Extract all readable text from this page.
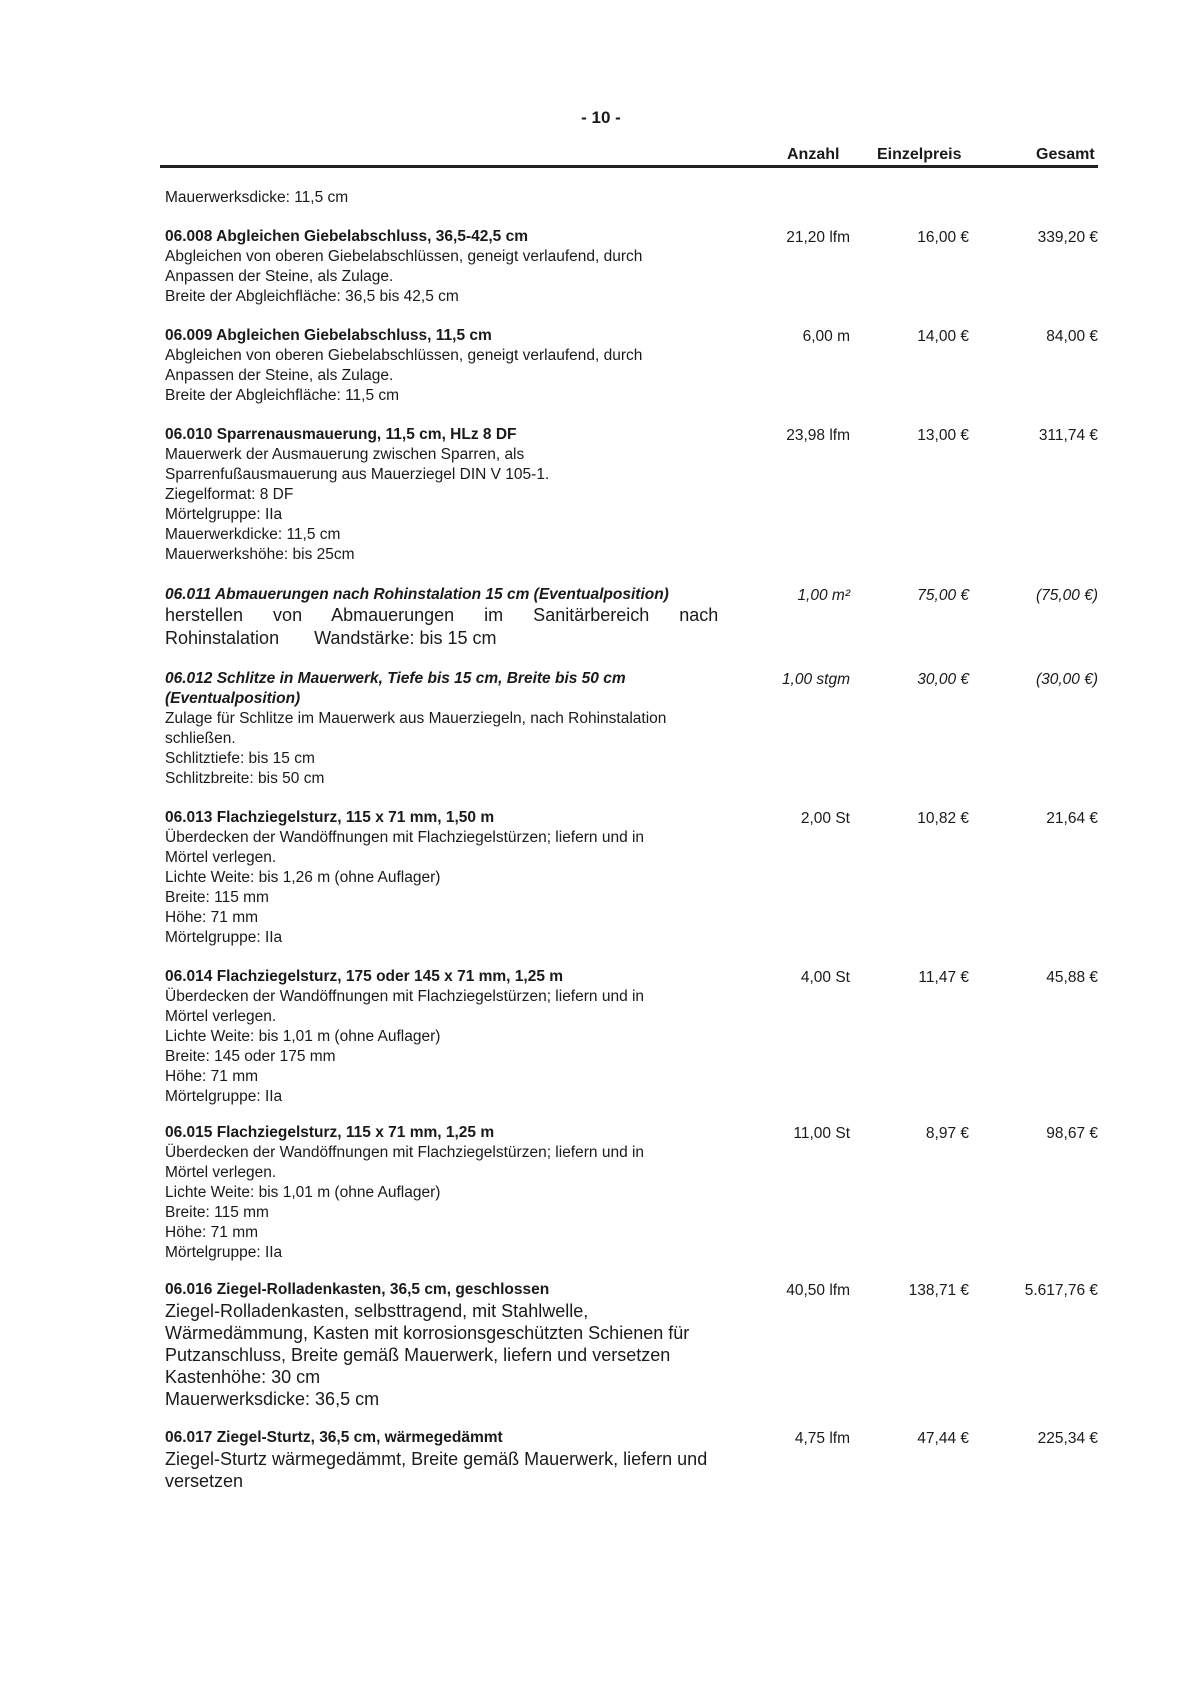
- 10 -
Anzahl Einzelpreis	Gesamt
Mauerwerksdicke: 11,5 cm
06.008 Abgleichen Giebelabschluss, 36,5-42,5 cm
Abgleichen von oberen Giebelabschlüssen, geneigt verlaufend, durch
Anpassen der Steine, als Zulage.
Breite der Abgleichfläche: 36,5 bis 42,5 cm
21,20 lfm	16,00 €	339,20 €
06.009 Abgleichen Giebelabschluss, 11,5 cm
Abgleichen von oberen Giebelabschlüssen, geneigt verlaufend, durch
Anpassen der Steine, als Zulage.
Breite der Abgleichfläche: 11,5 cm
6,00 m	14,00 €	84,00 €
06.010 Sparrenausmauerung, 11,5 cm, HLz 8 DF
Mauerwerk der Ausmauerung zwischen Sparren, als
Sparrenfußausmauerung aus Mauerziegel DIN V 105-1.
Ziegelformat: 8 DF
Mörtelgruppe: IIa
Mauerwerkdicke: 11,5 cm
Mauerwerkshöhe: bis 25cm
23,98 lfm	13,00 €	311,74 €
06.011 Abmauerungen nach Rohinstalation 15 cm (Eventualposition)
herstellen      von      Abmauerungen      im      Sanitärbereich      nach
Rohinstalation       Wandstärke: bis 15 cm
1,00 m²	75,00 €	(75,00 €)
06.012 Schlitze in Mauerwerk, Tiefe bis 15 cm, Breite bis 50 cm
(Eventualposition)
Zulage für Schlitze im Mauerwerk aus Mauerziegeln, nach Rohinstalation
schließen.
Schlitztiefe: bis 15 cm
Schlitzbreite: bis 50 cm
1,00 stgm	30,00 €	(30,00 €)
06.013 Flachziegelsturz, 115 x 71 mm, 1,50 m
Überdecken der Wandöffnungen mit Flachziegelstürzen; liefern und in
Mörtel verlegen.
Lichte Weite: bis 1,26 m (ohne Auflager)
Breite: 115 mm
Höhe: 71 mm
Mörtelgruppe: IIa
2,00 St	10,82 €	21,64 €
06.014 Flachziegelsturz, 175 oder 145 x 71 mm, 1,25 m
Überdecken der Wandöffnungen mit Flachziegelstürzen; liefern und in
Mörtel verlegen.
Lichte Weite: bis 1,01 m (ohne Auflager)
Breite: 145 oder 175 mm
Höhe: 71 mm
Mörtelgruppe: IIa
4,00 St	11,47 €	45,88 €
06.015 Flachziegelsturz, 115 x 71 mm, 1,25 m
Überdecken der Wandöffnungen mit Flachziegelstürzen; liefern und in
Mörtel verlegen.
Lichte Weite: bis 1,01 m (ohne Auflager)
Breite: 115 mm
Höhe: 71 mm
Mörtelgruppe: IIa
11,00 St	8,97 €	98,67 €
06.016 Ziegel-Rolladenkasten, 36,5 cm, geschlossen
Ziegel-Rolladenkasten, selbsttragend, mit Stahlwelle,
Wärmedämmung, Kasten mit korrosionsgeschützten Schienen für
Putzanschluss, Breite gemäß Mauerwerk, liefern und versetzen
Kastenhöhe: 30 cm
Mauerwerksdicke: 36,5 cm
40,50 lfm	138,71 €	5.617,76 €
06.017 Ziegel-Sturtz, 36,5 cm, wärmegedämmt
Ziegel-Sturtz wärmegedämmt, Breite gemäß Mauerwerk, liefern und
versetzen
4,75 lfm	47,44 €	225,34 €
